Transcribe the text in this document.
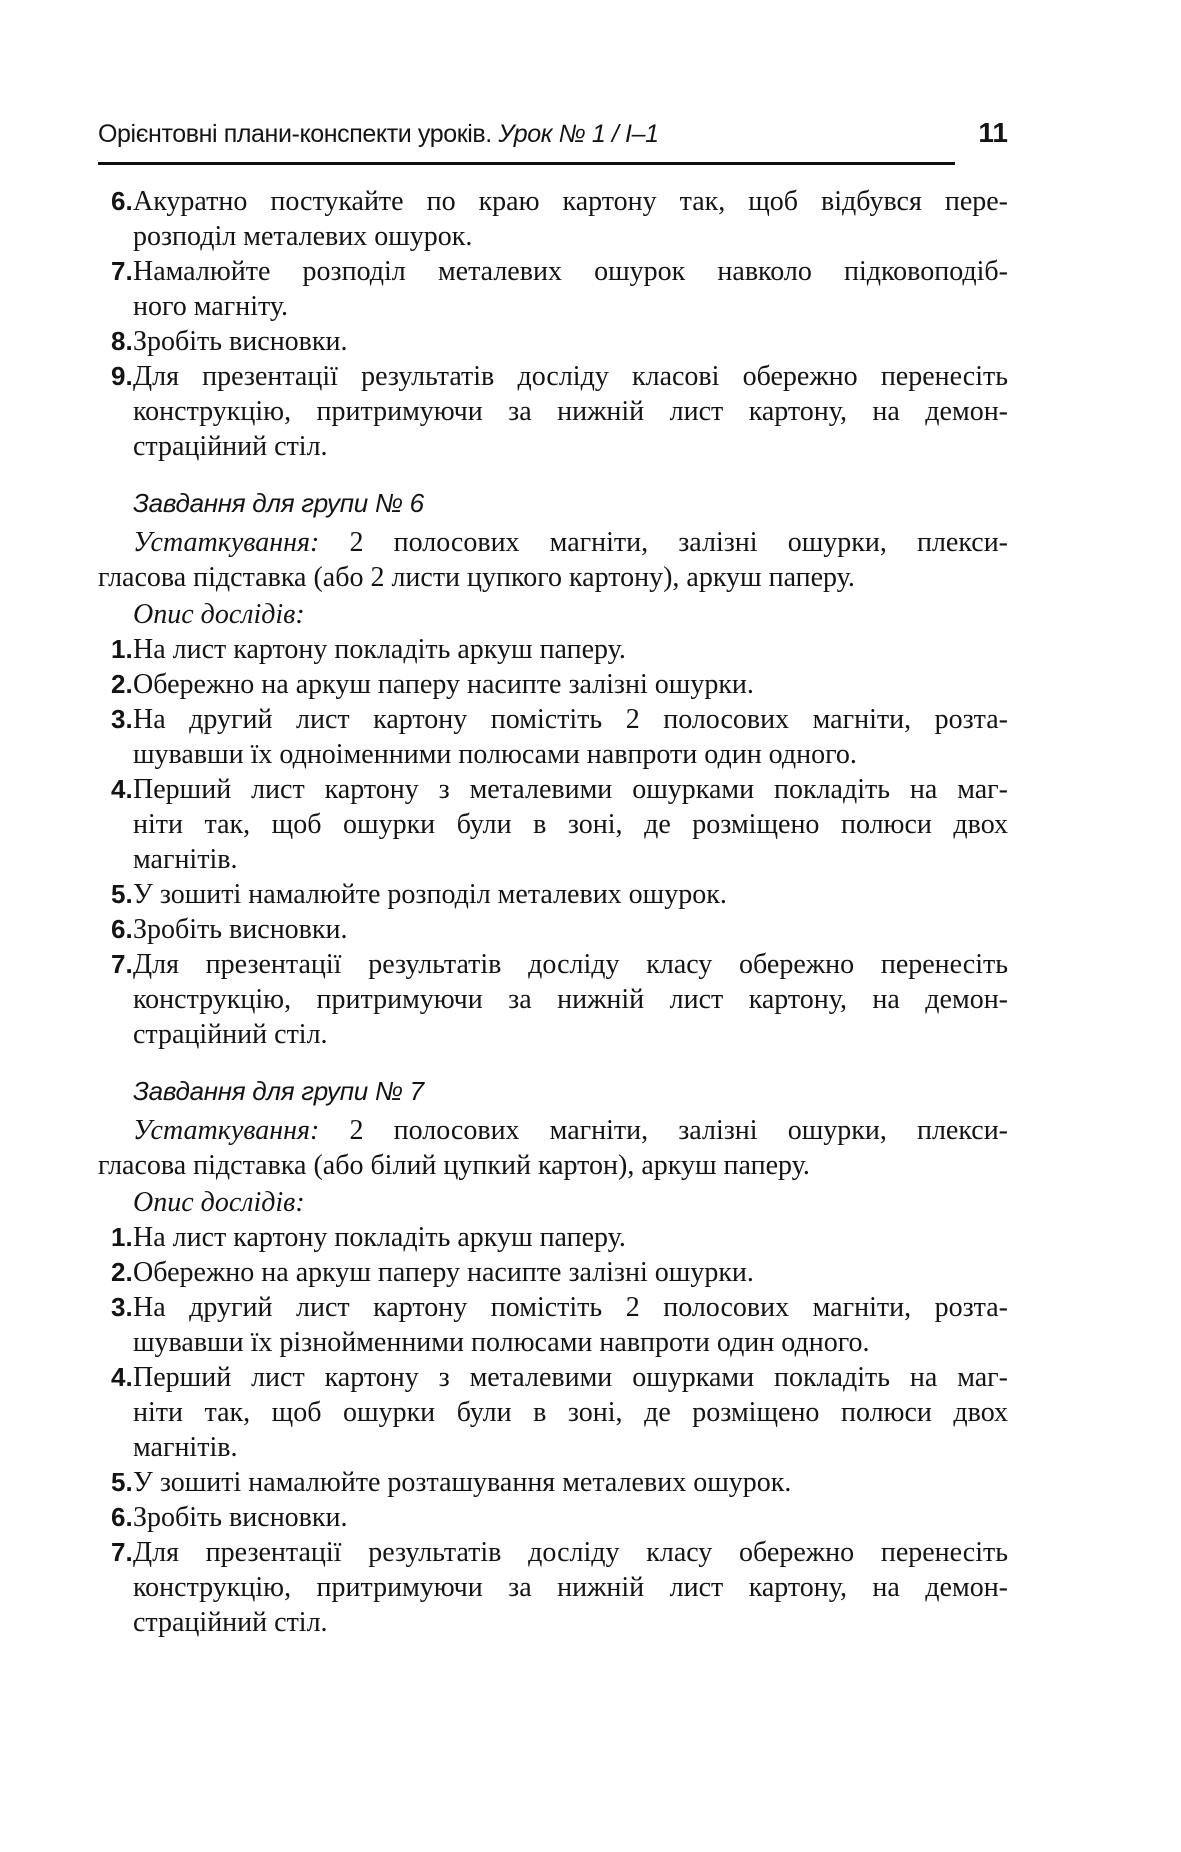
Орієнтовні плани-конспекти уроків. Урок № 1 / І–1	11
6. Акуратно постукайте по краю картону так, щоб відбувся пере-
розподіл металевих ошурок.
7. Намалюйте розподіл металевих ошурок навколо підковоподіб-
ного магніту.
8. Зробіть висновки.
9. Для презентації результатів досліду класові обережно перенесіть
конструкцію, притримуючи за нижній лист картону, на демон-
страційний стіл.
Завдання для групи № 6
Устаткування: 2 полосових магніти, залізні ошурки, плекси-
гласова підставка (або 2 листи цупкого картону), аркуш паперу.
Опис дослідів:
1. На лист картону покладіть аркуш паперу.
2. Обережно на аркуш паперу насипте залізні ошурки.
3. На другий лист картону помістіть 2 полосових магніти, розта-
шувавши їх одноіменними полюсами навпроти один одного.
4. Перший лист картону з металевими ошурками покладіть на маг-
ніти так, щоб ошурки були в зоні, де розміщено полюси двох
магнітів.
5. У зошиті намалюйте розподіл металевих ошурок.
6. Зробіть висновки.
7. Для презентації результатів досліду класу обережно перенесіть
конструкцію, притримуючи за нижній лист картону, на демон-
страційний стіл.
Завдання для групи № 7
Устаткування: 2 полосових магніти, залізні ошурки, плекси-
гласова підставка (або білий цупкий картон), аркуш паперу.
Опис дослідів:
1. На лист картону покладіть аркуш паперу.
2. Обережно на аркуш паперу насипте залізні ошурки.
3. На другий лист картону помістіть 2 полосових магніти, розта-
шувавши їх різнойменними полюсами навпроти один одного.
4. Перший лист картону з металевими ошурками покладіть на маг-
ніти так, щоб ошурки були в зоні, де розміщено полюси двох
магнітів.
5. У зошиті намалюйте розташування металевих ошурок.
6. Зробіть висновки.
7. Для презентації результатів досліду класу обережно перенесіть
конструкцію, притримуючи за нижній лист картону, на демон-
страційний стіл.
